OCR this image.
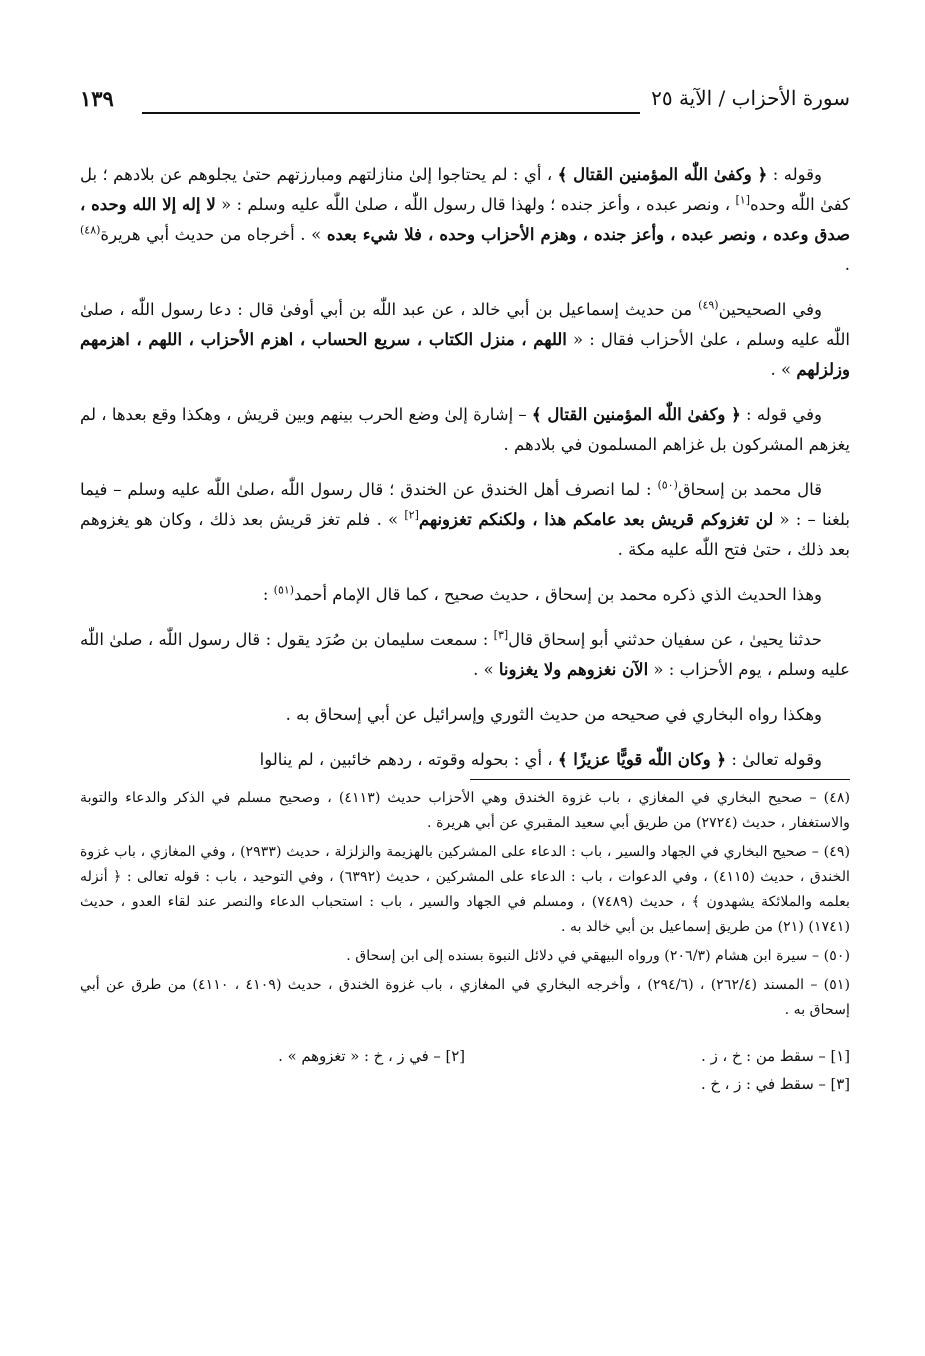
سورة الأحزاب / الآية ٢٥
١٣٩

وقوله : ﴿ وكفىٰ اللّٰه المؤمنين القتال ﴾ ، أي : لم يحتاجوا إلىٰ منازلتهم ومبارزتهم حتىٰ يجلوهم عن بلادهم ؛ بل كفىٰ اللّٰه وحده[١] ، ونصر عبده ، وأعز جنده ؛ ولهذا قال رسول اللّٰه ، صلىٰ اللّٰه عليه وسلم : « لا إله إلا الله وحده ، صدق وعده ، ونصر عبده ، وأعز جنده ، وهزم الأحزاب وحده ، فلا شيء بعده » . أخرجاه من حديث أبي هريرة$^{(٤٨)}$ .

وفي الصحيحين$^{(٤٩)}$ من حديث إسماعيل بن أبي خالد ، عن عبد اللّٰه بن أبي أوفىٰ قال : دعا رسول اللّٰه ، صلىٰ اللّٰه عليه وسلم ، علىٰ الأحزاب فقال : « اللهم ، منزل الكتاب ، سريع الحساب ، اهزم الأحزاب ، اللهم ، اهزمهم وزلزلهم » .

وفي قوله : ﴿ وكفىٰ اللّٰه المؤمنين القتال ﴾ – إشارة إلىٰ وضع الحرب بينهم وبين قريش ، وهكذا وقع بعدها ، لم يغزهم المشركون بل غزاهم المسلمون في بلادهم .

قال محمد بن إسحاق$^{(٥٠)}$ : لما انصرف أهل الخندق عن الخندق ؛ قال رسول اللّٰه ،صلىٰ اللّٰه عليه وسلم – فيما بلغنا – : « لن تغزوكم قريش بعد عامكم هذا ، ولكنكم تغزونهم[٢] » . فلم تغز قريش بعد ذلك ، وكان هو يغزوهم بعد ذلك ، حتىٰ فتح اللّٰه عليه مكة .

وهذا الحديث الذي ذكره محمد بن إسحاق ، حديث صحيح ، كما قال الإمام أحمد$^{(٥١)}$ :

حدثنا يحيىٰ ، عن سفيان حدثني أبو إسحاق قال[٣] : سمعت سليمان بن صُرَد يقول : قال رسول اللّٰه ، صلىٰ اللّٰه عليه وسلم ، يوم الأحزاب : « الآن نغزوهم ولا يغزونا » .

وهكذا رواه البخاري في صحيحه من حديث الثوري وإسرائيل عن أبي إسحاق به .

وقوله تعالىٰ : ﴿ وكان اللّٰه قويًّا عزيزًا ﴾ ، أي : بحوله وقوته ، ردهم خائبين ، لم ينالوا

(٤٨) – صحيح البخاري في المغازي ، باب غزوة الخندق وهي الأحزاب حديث (٤١١٣) ، وصحيح مسلم في الذكر والدعاء والتوبة والاستغفار ، حديث (٢٧٢٤) من طريق أبي سعيد المقبري عن أبي هريرة .

(٤٩) – صحيح البخاري في الجهاد والسير ، باب : الدعاء على المشركين بالهزيمة والزلزلة ، حديث (٢٩٣٣) ، وفي المغازي ، باب غزوة الخندق ، حديث (٤١١٥) ، وفي الدعوات ، باب : الدعاء على المشركين ، حديث (٦٣٩٢) ، وفي التوحيد ، باب : قوله تعالى : ﴿ أنزله بعلمه والملائكة يشهدون ﴾ ، حديث (٧٤٨٩) ، ومسلم في الجهاد والسير ، باب : استحباب الدعاء والنصر عند لقاء العدو ، حديث (١٧٤١) (٢١) من طريق إسماعيل بن أبي خالد به .

(٥٠) – سيرة ابن هشام (٢٠٦/٣) ورواه البيهقي في دلائل النبوة بسنده إلى ابن إسحاق .

(٥١) – المسند (٢٦٢/٤) ، (٢٩٤/٦) ، وأخرجه البخاري في المغازي ، باب غزوة الخندق ، حديث (٤١٠٩ ، ٤١١٠) من طرق عن أبي إسحاق به .

[١] – سقط من : خ ، ز .
[٢] – في ز ، خ : « تغزوهم » .
[٣] – سقط في : ز ، خ .
